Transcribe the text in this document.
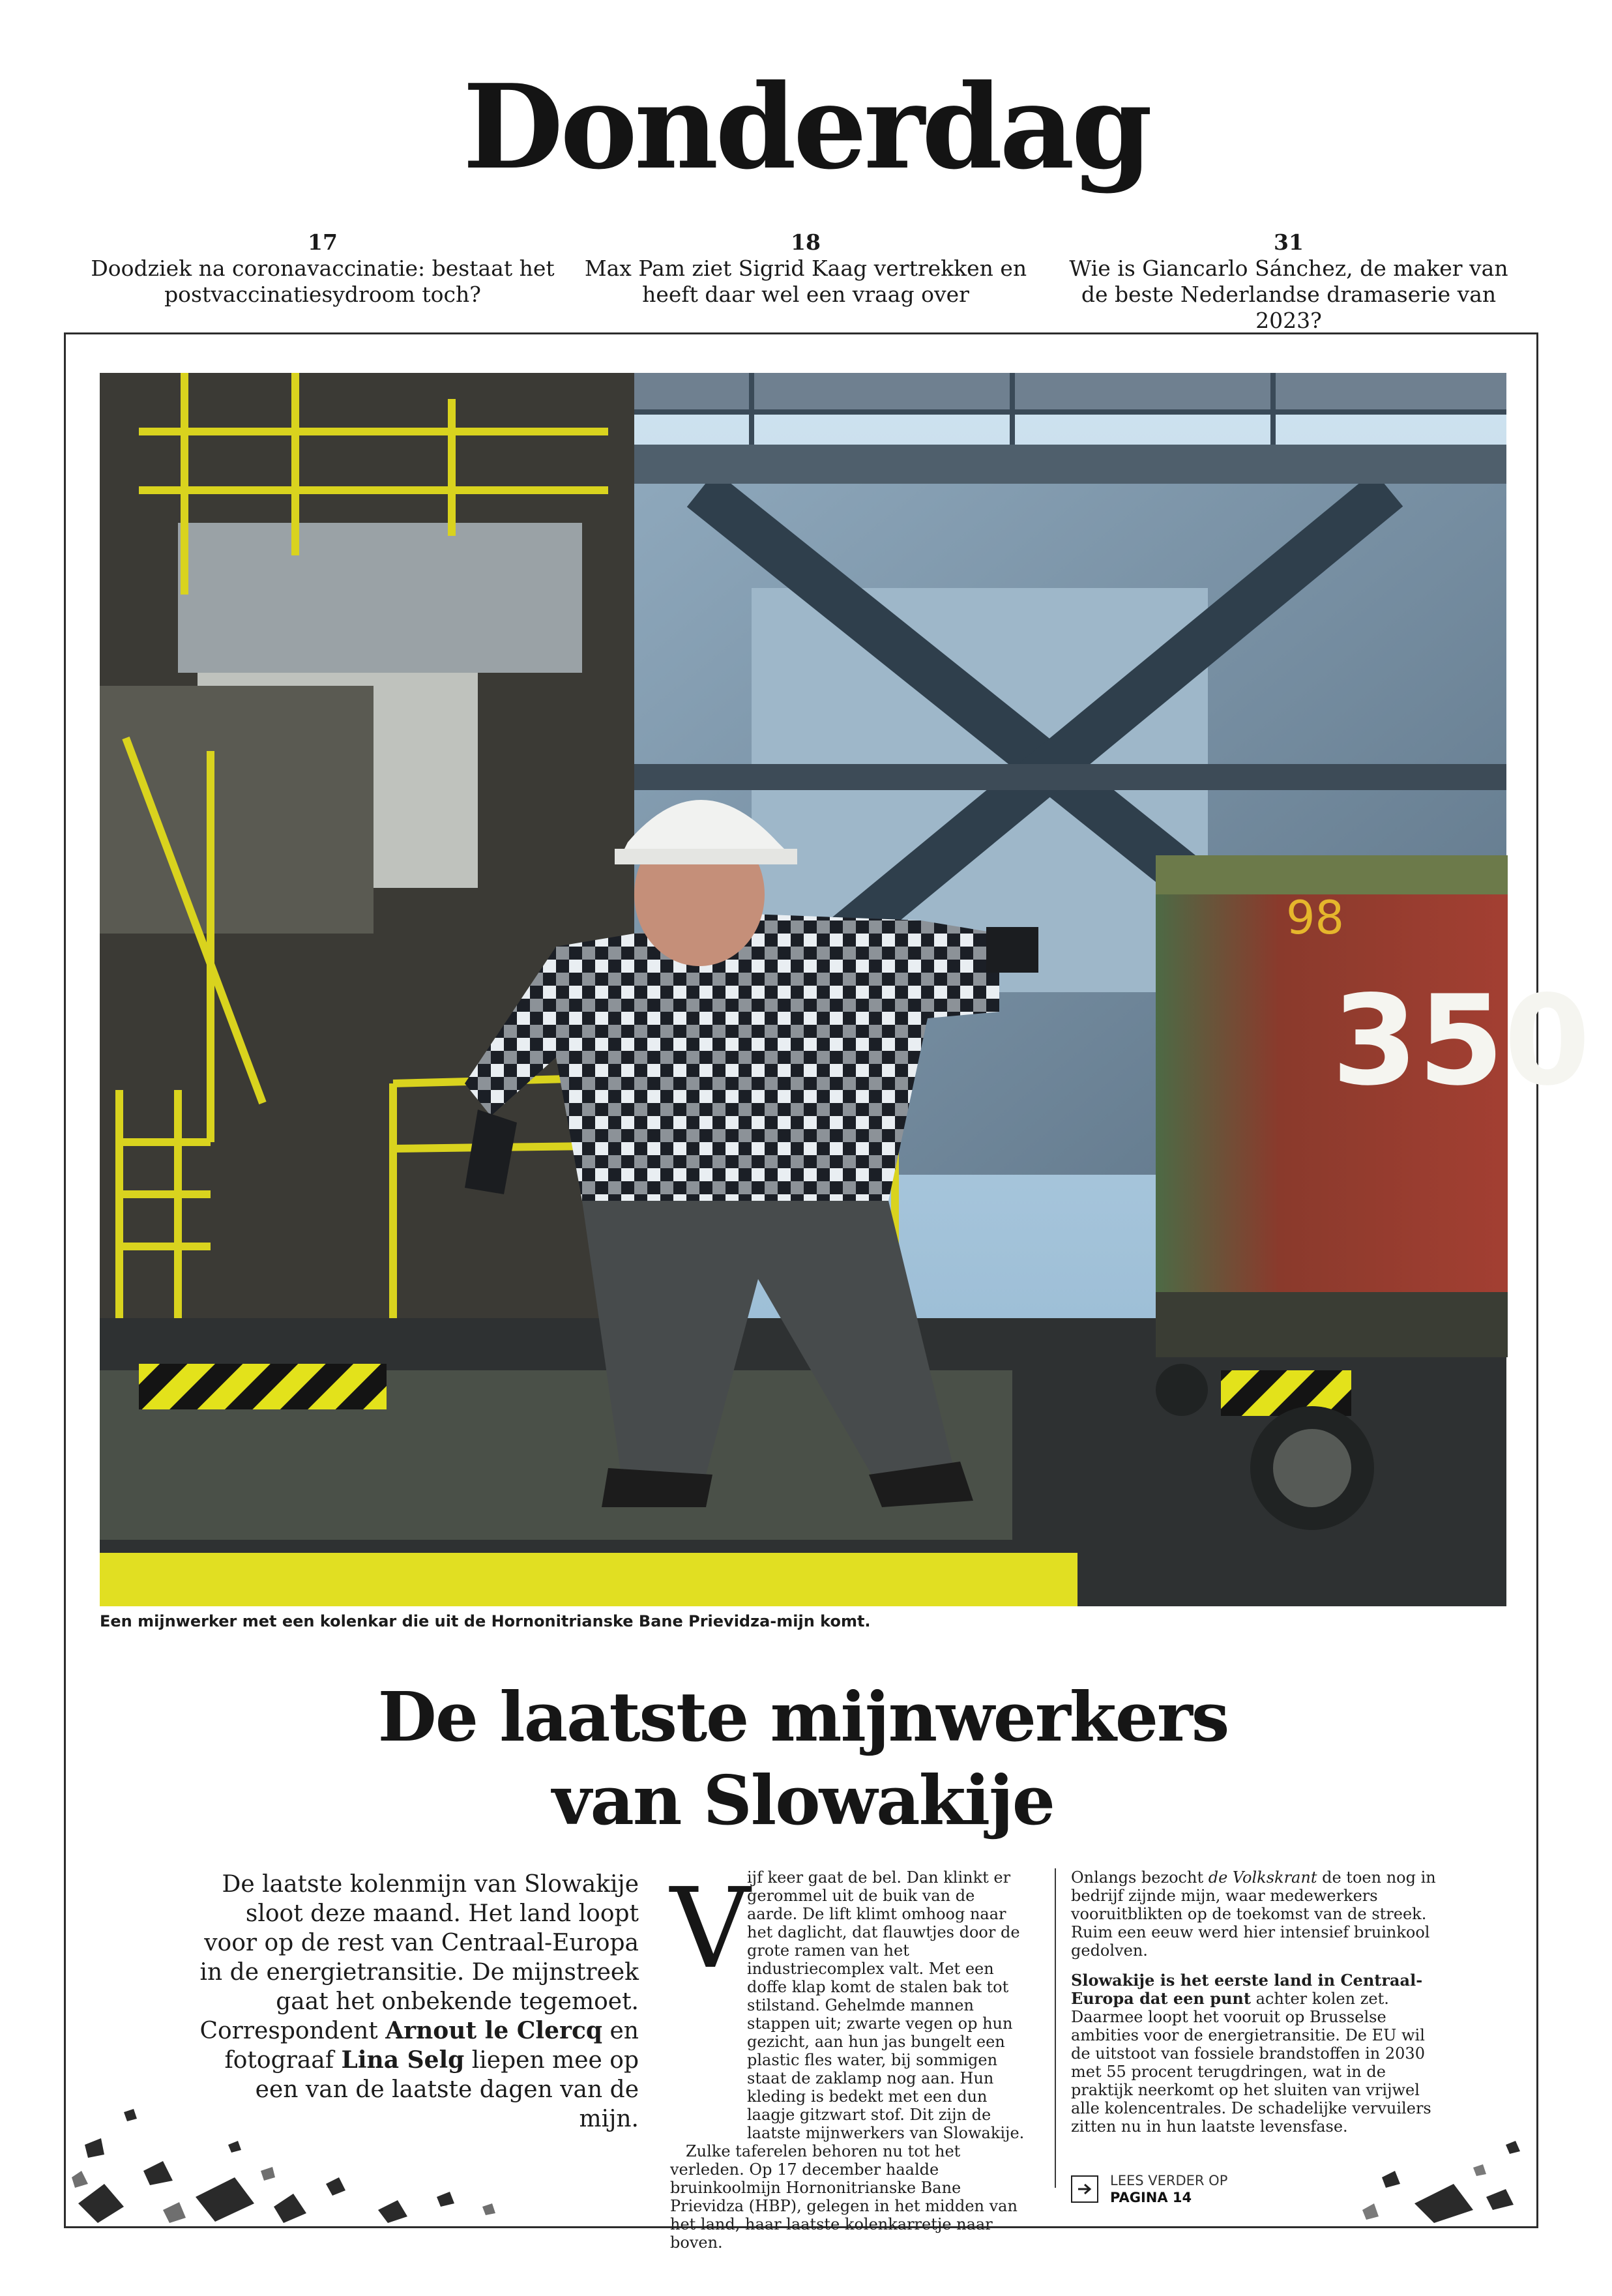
Donderdag
17
Doodziek na coronavaccinatie: bestaat het postvaccinatiesydroom toch?
18
Max Pam ziet Sigrid Kaag vertrekken en heeft daar wel een vraag over
31
Wie is Giancarlo Sánchez, de maker van de beste Nederlandse dramaserie van 2023?
98
350
Een mijnwerker met een kolenkar die uit de Hornonitrianske Bane Prievidza-mijn komt.
De laatste mijnwerkers
van Slowakije
De laatste kolenmijn van Slowakije sloot deze maand. Het land loopt voor op de rest van Centraal-Europa in de energietransitie. De mijnstreek gaat het onbekende tegemoet. Correspondent Arnout le Clercq en fotograaf Lina Selg liepen mee op een van de laatste dagen van de mijn.
V

ijf keer gaat de bel. Dan klinkt er gerommel uit de buik van de aarde. De lift klimt omhoog naar het daglicht, dat flauwtjes door de grote ramen van het industriecomplex valt. Met een doffe klap komt de stalen bak tot stilstand. Gehelmde mannen stappen uit; zwarte vegen op hun gezicht, aan hun jas bungelt een plastic fles water, bij sommigen staat de zaklamp nog aan. Hun kleding is bedekt met een dun laagje gitzwart stof. Dit zijn de laatste mijnwerkers van Slowakije.

Zulke taferelen behoren nu tot het verleden. Op 17 december haalde bruinkoolmijn Hornonitrianske Bane Prievidza (HBP), gelegen in het midden van het land, haar laatste kolenkarretje naar boven.

Onlangs bezocht de Volkskrant de toen nog in bedrijf zijnde mijn, waar medewerkers vooruitblikten op de toekomst van de streek. Ruim een eeuw werd hier intensief bruinkool gedolven.

Slowakije is het eerste land in Centraal-Europa dat een punt achter kolen zet. Daarmee loopt het vooruit op Brusselse ambities voor de energietransitie. De EU wil de uitstoot van fossiele brandstoffen in 2030 met 55 procent terugdringen, wat in de praktijk neerkomt op het sluiten van vrijwel alle kolencentrales. De schadelijke vervuilers zitten nu in hun laatste levensfase.

LEES VERDER OP
PAGINA 14
